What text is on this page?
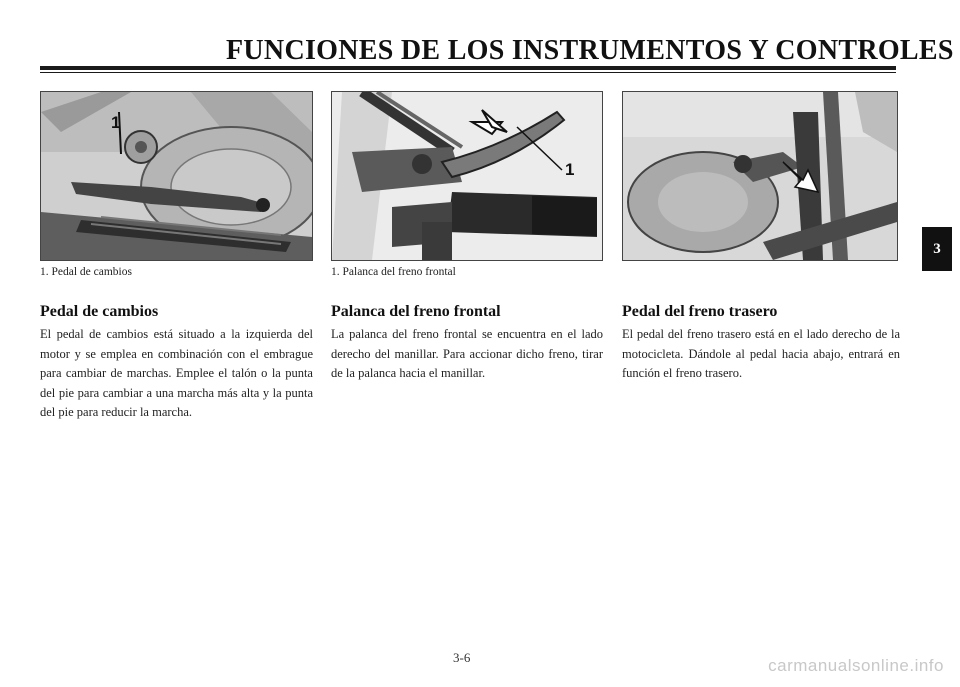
FUNCIONES DE LOS INSTRUMENTOS Y CONTROLES
1
1
1. Pedal de cambios	1. Palanca del freno frontal
Pedal de cambios
El pedal de cambios está situado a la izquierda del motor y se emplea en combinación con el embrague para cambiar de marchas. Emplee el talón o la punta del pie para cambiar a una marcha más alta y la punta del pie para reducir la marcha.
Palanca del freno frontal
La palanca del freno frontal se encuentra en el lado derecho del manillar. Para accionar dicho freno, tirar de la palanca hacia el manillar.
Pedal del freno trasero
El pedal del freno trasero está en el lado derecho de la motocicleta. Dándole al pedal hacia abajo, entrará en función el freno trasero.
3
3-6	carmanualsonline.info
